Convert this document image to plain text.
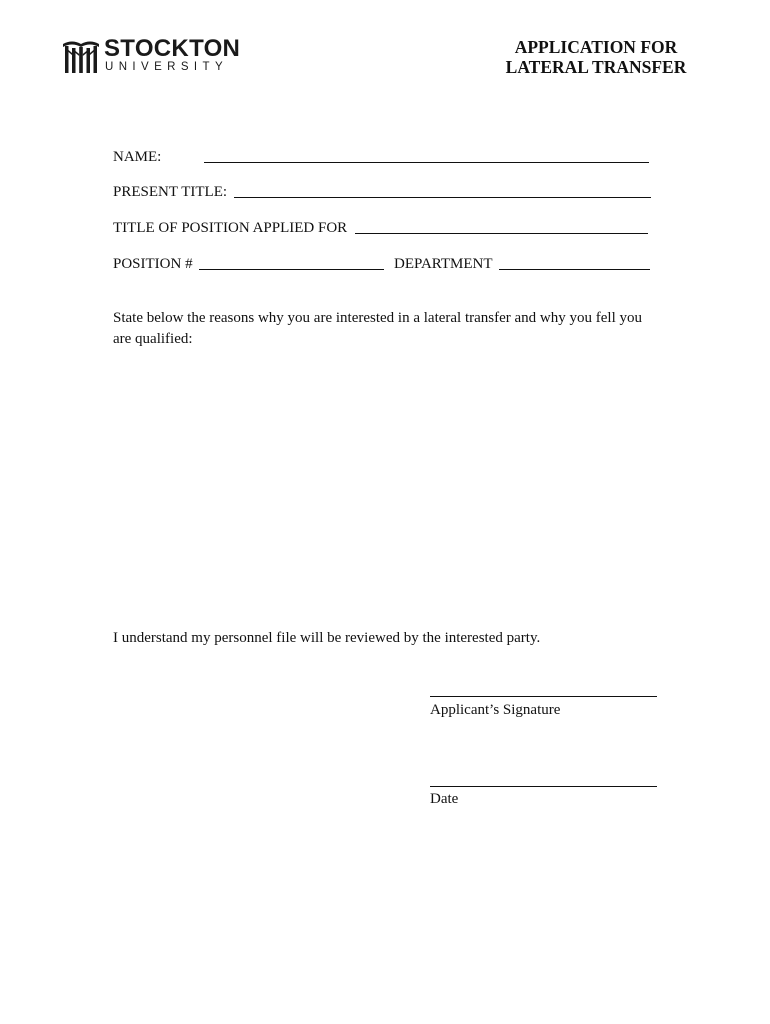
STOCKTON
UNIVERSITY
APPLICATION FOR
LATERAL TRANSFER
NAME:
PRESENT TITLE:
TITLE OF POSITION APPLIED FOR
POSITION #	DEPARTMENT
State below the reasons why you are interested in a lateral transfer and why you fell you are qualified:
I understand my personnel file will be reviewed by the interested party.
Applicant’s Signature
Date
